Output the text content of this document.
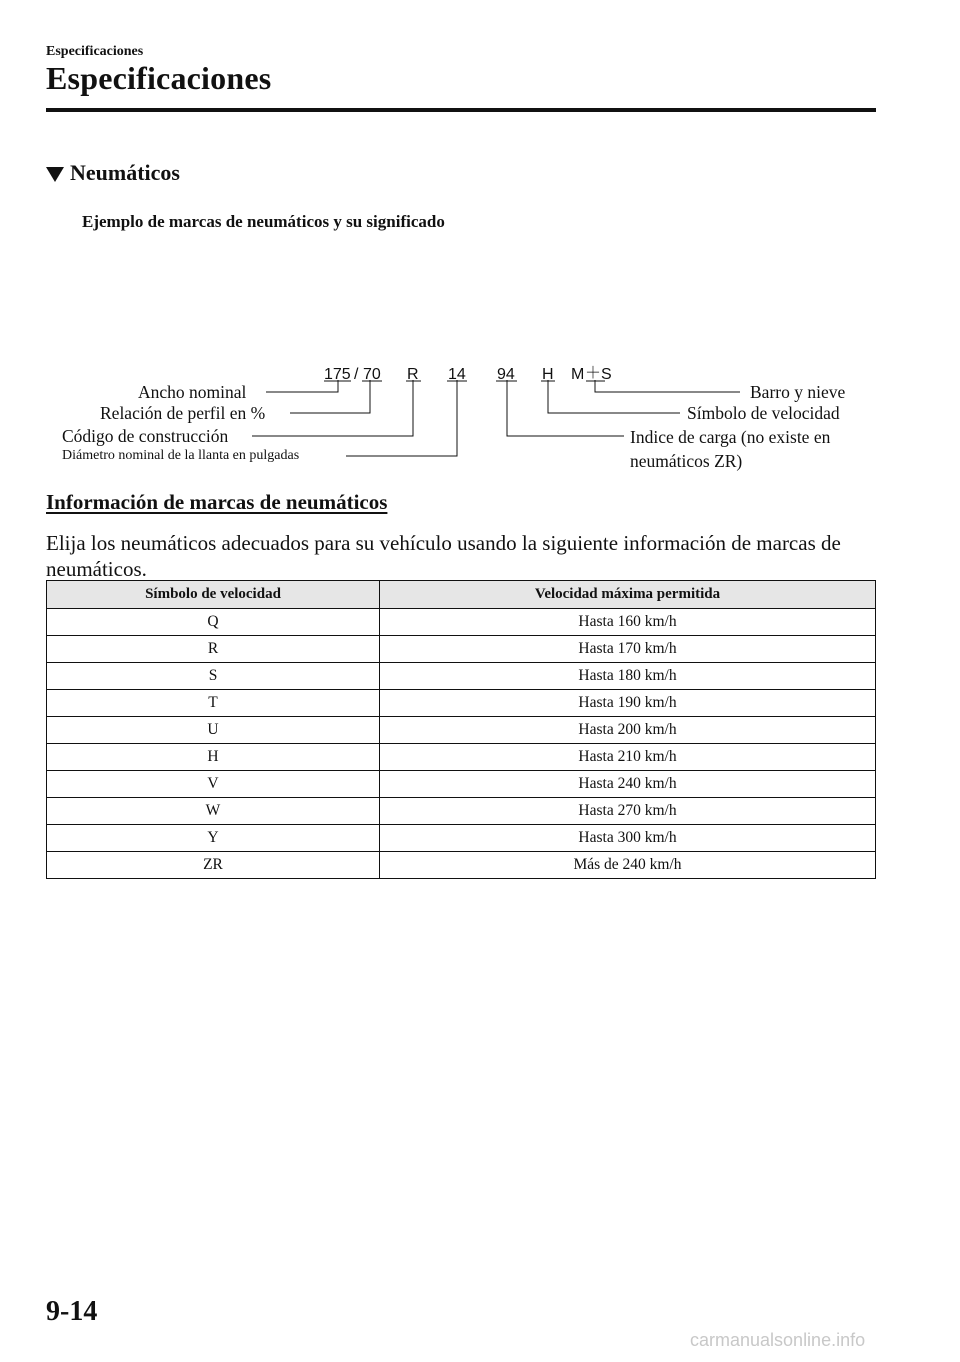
Especificaciones
Especificaciones
Neumáticos
Ejemplo de marcas de neumáticos y su significado
175 / 70 R 14 94 H M ＋ S
Ancho nominal
Relación de perfil en %
Código de construcción
Diámetro nominal de la llanta en pulgadas
Barro y nieve
Símbolo de velocidad
Indice de carga (no existe en
neumáticos ZR)
Información de marcas de neumáticos
Elija los neumáticos adecuados para su vehículo usando la siguiente información de marcas de neumáticos.
Símbolo de velocidad	Velocidad máxima permitida
Q	Hasta 160 km/h
R	Hasta 170 km/h
S	Hasta 180 km/h
T	Hasta 190 km/h
U	Hasta 200 km/h
H	Hasta 210 km/h
V	Hasta 240 km/h
W	Hasta 270 km/h
Y	Hasta 300 km/h
ZR	Más de 240 km/h
9-14
carmanualsonline.info
